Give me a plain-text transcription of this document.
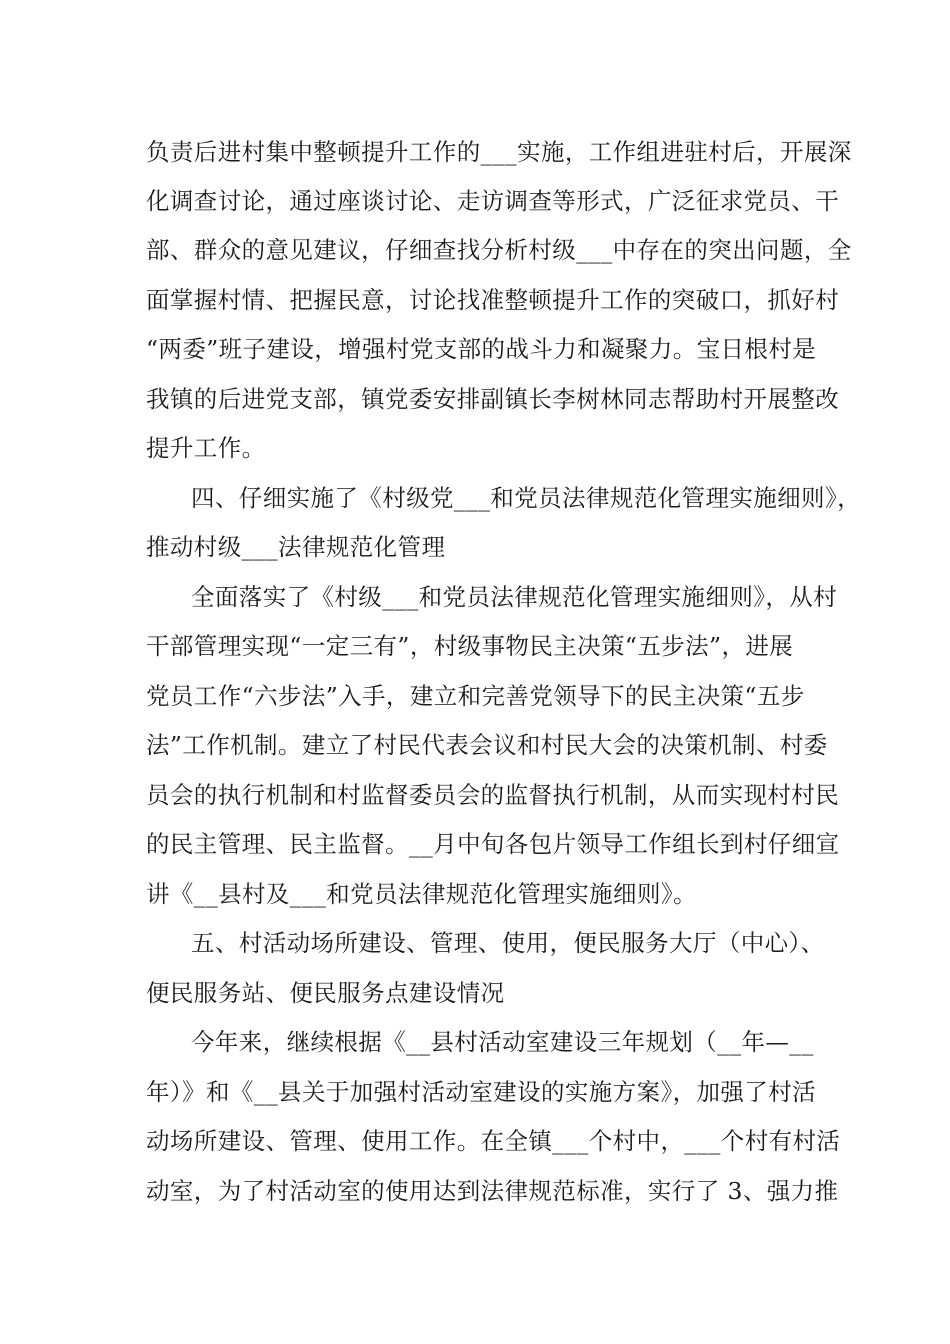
负责后进村集中整顿提升工作的___实施，工作组进驻村后，开展深
化调查讨论，通过座谈讨论、走访调查等形式，广泛征求党员、干
部、群众的意见建议，仔细查找分析村级___中存在的突出问题，全
面掌握村情、把握民意，讨论找准整顿提升工作的突破口，抓好村
“两委”班子建设，增强村党支部的战斗力和凝聚力。宝日根村是
我镇的后进党支部，镇党委安排副镇长李树林同志帮助村开展整改
提升工作。
四、仔细实施了《村级党___和党员法律规范化管理实施细则》，
推动村级___法律规范化管理
全面落实了《村级___和党员法律规范化管理实施细则》，从村
干部管理实现“一定三有”，村级事物民主决策“五步法”，进展
党员工作“六步法”入手，建立和完善党领导下的民主决策“五步
法”工作机制。建立了村民代表会议和村民大会的决策机制、村委
员会的执行机制和村监督委员会的监督执行机制，从而实现村村民
的民主管理、民主监督。__月中旬各包片领导工作组长到村仔细宣
讲《__县村及___和党员法律规范化管理实施细则》。
五、村活动场所建设、管理、使用，便民服务大厅（中心）、
便民服务站、便民服务点建设情况
今年来，继续根据《__县村活动室建设三年规划（__年—__
年）》和《__县关于加强村活动室建设的实施方案》，加强了村活
动场所建设、管理、使用工作。在全镇___个村中，___个村有村活
动室，为了村活动室的使用达到法律规范标准，实行了 3、强力推
